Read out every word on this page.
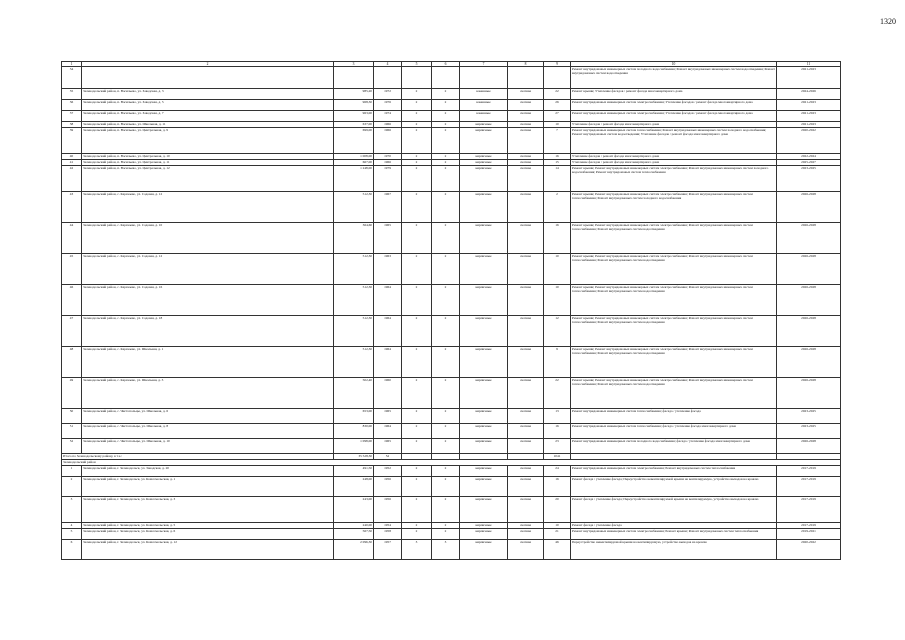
1320
1	2	3	4	5	6	7	8	9	10	11
34									Ремонт внутридомовых инженерных систем холодного водоснабжения; Ремонт внутридомовых инженерных систем водоотведения; Ремонт внутридомовых систем водоотведения	2021-2023
35	Зеленодольский район, п. Васильево, ул. Заводская, д. 3	985,20	1972	2	2	каменные	скатная	22	Ремонт крыши; Утепление фасадов / ремонт фасада многоквартирного дома	2024-2026
36	Зеленодольский район, п. Васильево, ул. Заводская, д. 5	968,30	1976	2	2	каменные	скатная	26	Ремонт внутридомовых инженерных систем электроснабжения; Утепление фасадов / ремонт фасада многоквартирного дома	2021-2023
37	Зеленодольский район, п. Васильево, ул. Заводская, д. 7	963,00	1974	2	2	каменные	скатная	27	Ремонт внутридомовых инженерных систем электроснабжения; Утепление фасадов / ремонт фасада многоквартирного дома	2021-2023
38	Зеленодольский район, п. Васильево, ул. Школьная, д. 11	637,00	1966	2	2	кирпичные	скатная	10	Утепление фасадов / ремонт фасада многоквартирного дома	2021-2023
39	Зеленодольский район, п. Васильево, ул. Центральная, д. 9	699,00	1966	2	2	кирпичные	скатная	7	Ремонт внутридомовых инженерных систем теплоснабжения; Ремонт внутридомовых инженерных систем холодного водоснабжения; Ремонт внутридомовых систем водоотведения; Утепление фасадов / ремонт фасада многоквартирного дома	2020-2022
40	Зеленодольский район, п. Васильево, ул. Центральная, д. 10	1 008,00	1970	2	2	кирпичные	скатная	16	Утепление фасадов / ремонт фасада многоквартирного дома	2022-2024
41	Зеленодольский район, п. Васильево, ул. Центральная, д. 11	667,00	1966	2	2	кирпичные	скатная	15	Утепление фасадов / ремонт фасада многоквартирного дома	2025-2027
42	Зеленодольский район, п. Васильево, ул. Центральная, д. 12	1 248,00	1979	2	2	кирпичные	скатная	14	Ремонт крыши; Ремонт внутридомовых инженерных систем электроснабжения; Ремонт внутридомовых инженерных систем холодного водоснабжения; Ремонт внутридомовых систем теплоснабжения	2023-2025
43	Зеленодольский район, с. Карачаево, ул. Садовая, д. 12	512,30	1967	2	2	кирпичные	скатная	2	Ремонт крыши; Ремонт внутридомовых инженерных систем электроснабжения; Ремонт внутридомовых инженерных систем теплоснабжения; Ремонт внутридомовых систем холодного водоснабжения	2026-2028
44	Зеленодольский район, с. Карачаево, ул. Садовая, д. 10	364,60	1965	2	2	кирпичные	скатная	16	Ремонт крыши; Ремонт внутридомовых инженерных систем электроснабжения; Ремонт внутридомовых инженерных систем теплоснабжения; Ремонт внутридомовых систем водоотведения	2026-2028
45	Зеленодольский район, с. Карачаево, ул. Садовая, д. 12	512,30	1963	2	2	кирпичные	скатная	10	Ремонт крыши; Ремонт внутридомовых инженерных систем электроснабжения; Ремонт внутридомовых инженерных систем теплоснабжения; Ремонт внутридомовых систем водоотведения	2026-2028
46	Зеленодольский район, с. Карачаево, ул. Садовая, д. 16	512,30	1964	2	2	кирпичные	скатная	10	Ремонт крыши; Ремонт внутридомовых инженерных систем электроснабжения; Ремонт внутридомовых инженерных систем теплоснабжения; Ремонт внутридомовых систем водоотведения	2026-2028
47	Зеленодольский район, с. Карачаево, ул. Садовая, д. 18	512,30	1964	2	2	кирпичные	скатная	12	Ремонт крыши; Ремонт внутридомовых инженерных систем электроснабжения; Ремонт внутридомовых инженерных систем теплоснабжения; Ремонт внутридомовых систем водоотведения	2026-2028
48	Зеленодольский район, с. Карачаево, ул. Школьная, д. 1	512,30	1964	2	2	кирпичные	скатная	9	Ремонт крыши; Ремонт внутридомовых инженерных систем электроснабжения; Ремонт внутридомовых инженерных систем теплоснабжения; Ремонт внутридомовых систем водоотведения	2026-2028
49	Зеленодольский район, с. Карачаево, ул. Школьная, д. 3	502,40	1960	2	2	кирпичные	скатная	22	Ремонт крыши; Ремонт внутридомовых инженерных систем электроснабжения; Ремонт внутридомовых инженерных систем теплоснабжения; Ремонт внутридомовых систем водоотведения	2026-2028
50	Зеленодольский район, с. Чистопольцы, ул. Школьная, д. 6	653,00	1965	2	2	кирпичные	скатная	13	Ремонт внутридомовых инженерных систем теплоснабжения; фасада / утепление фасада	2023-2025
51	Зеленодольский район, с. Чистопольцы, ул. Школьная, д. 8	830,00	1964	2	2	кирпичные	скатная	16	Ремонт внутридомовых инженерных систем теплоснабжения; фасада / утепление фасада многоквартирного дома	2023-2025
52	Зеленодольский район, с. Чистопольцы, ул. Школьная, д. 10	1 098,00	1965	2	2	кирпичные	скатная	23	Ремонт внутридомовых инженерных систем холодного водоснабжения; фасада / утепление фасада многоквартирного дома	2026-2028
Итого по Зеленодольскому району, в т.ч.:		35 528,30	52					1041		
Зеленодольский район										
1	Зеленодольский район, г. Зеленодольск, ул. Заводская, д. 20	491,50	1952	2	2	кирпичные	скатная	24	Ремонт внутридомовых инженерных систем электроснабжения; Ремонт внутридомовых систем теплоснабжения	2017-2019
2	Зеленодольский район, г. Зеленодольск, ул. Комсомольская, д. 1	248,00	1956	2	2	кирпичные	скатная	16	Ремонт фасада / утепление фасада; Переустройство невентилируемой крыши на вентилируемую, устройство выходов на кровлю	2017-2019
3	Зеленодольский район, г. Зеленодольск, ул. Комсомольская, д. 3	243,00	1956	2	2	кирпичные	скатная	20	Ремонт фасада / утепление фасада; Переустройство невентилируемой крыши на вентилируемую, устройство выходов на кровлю	2017-2019
4	Зеленодольский район, г. Зеленодольск, ул. Комсомольская, д. 5	240,00	1954	2	2	кирпичные	скатная	10	Ремонт фасада / утепление фасада	2017-2019
5	Зеленодольский район, г. Зеленодольск, ул. Комсомольская, д. 6	567,50	1958	2	2	кирпичные	скатная	21	Ремонт внутридомовых инженерных систем электроснабжения; Ремонт крыши; Ремонт внутридомовых систем теплоснабжения	2019-2021
6	Зеленодольский район, г. Зеленодольск, ул. Комсомольская, д. 12	2 096,30	1957	3	3	кирпичные	скатная	46	Переустройство невентилируемой крыши на вентилируемую, устройство выходов на кровлю	2020-2022
